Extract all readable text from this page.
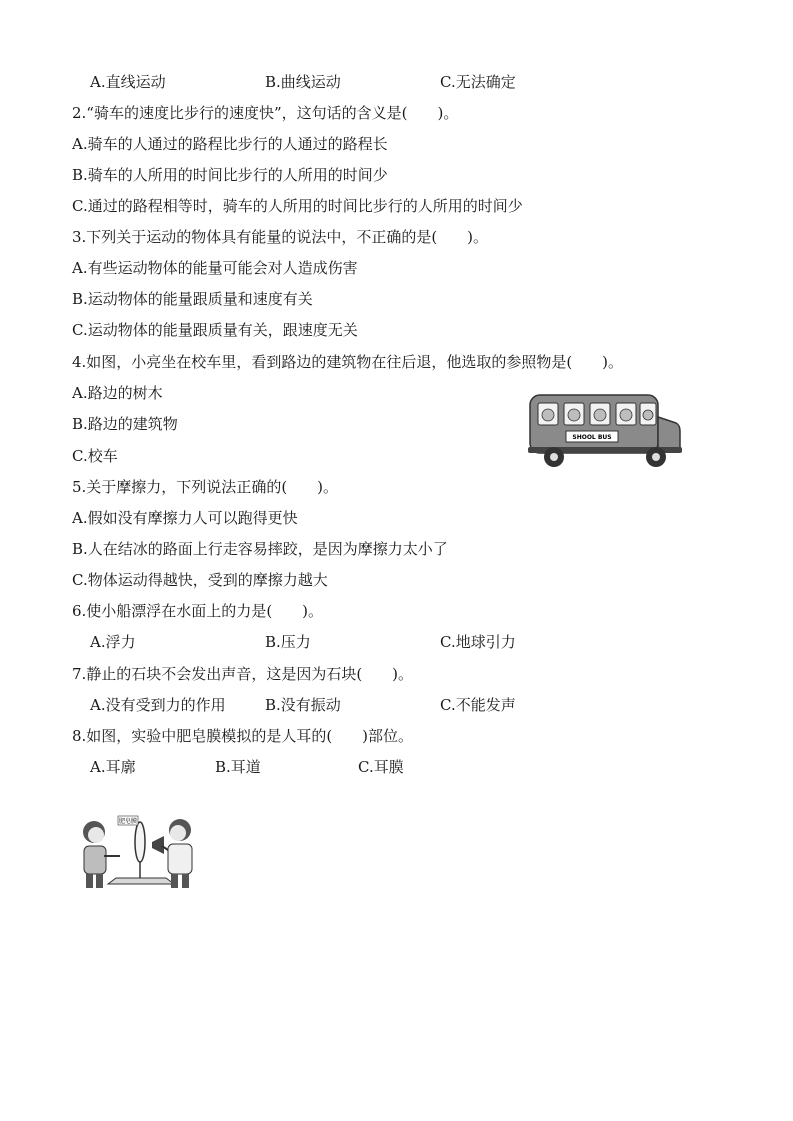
A.直线运动	B.曲线运动	C.无法确定
2.“骑车的速度比步行的速度快”，这句话的含义是(　　)。
A.骑车的人通过的路程比步行的人通过的路程长
B.骑车的人所用的时间比步行的人所用的时间少
C.通过的路程相等时，骑车的人所用的时间比步行的人所用的时间少
3.下列关于运动的物体具有能量的说法中，不正确的是(　　)。
A.有些运动物体的能量可能会对人造成伤害
B.运动物体的能量跟质量和速度有关
C.运动物体的能量跟质量有关，跟速度无关
4.如图，小亮坐在校车里，看到路边的建筑物在往后退，他选取的参照物是(　　)。
A.路边的树木
B.路边的建筑物
C.校车
SHOOL BUS
5.关于摩擦力，下列说法正确的(　　)。
A.假如没有摩擦力人可以跑得更快
B.人在结冰的路面上行走容易摔跤，是因为摩擦力太小了
C.物体运动得越快，受到的摩擦力越大
6.使小船漂浮在水面上的力是(　　)。
A.浮力	B.压力	C.地球引力
7.静止的石块不会发出声音，这是因为石块(　　)。
A.没有受到力的作用	B.没有振动	C.不能发声
8.如图，实验中肥皂膜模拟的是人耳的(　　)部位。
A.耳廓	B.耳道	C.耳膜
肥皂膜
